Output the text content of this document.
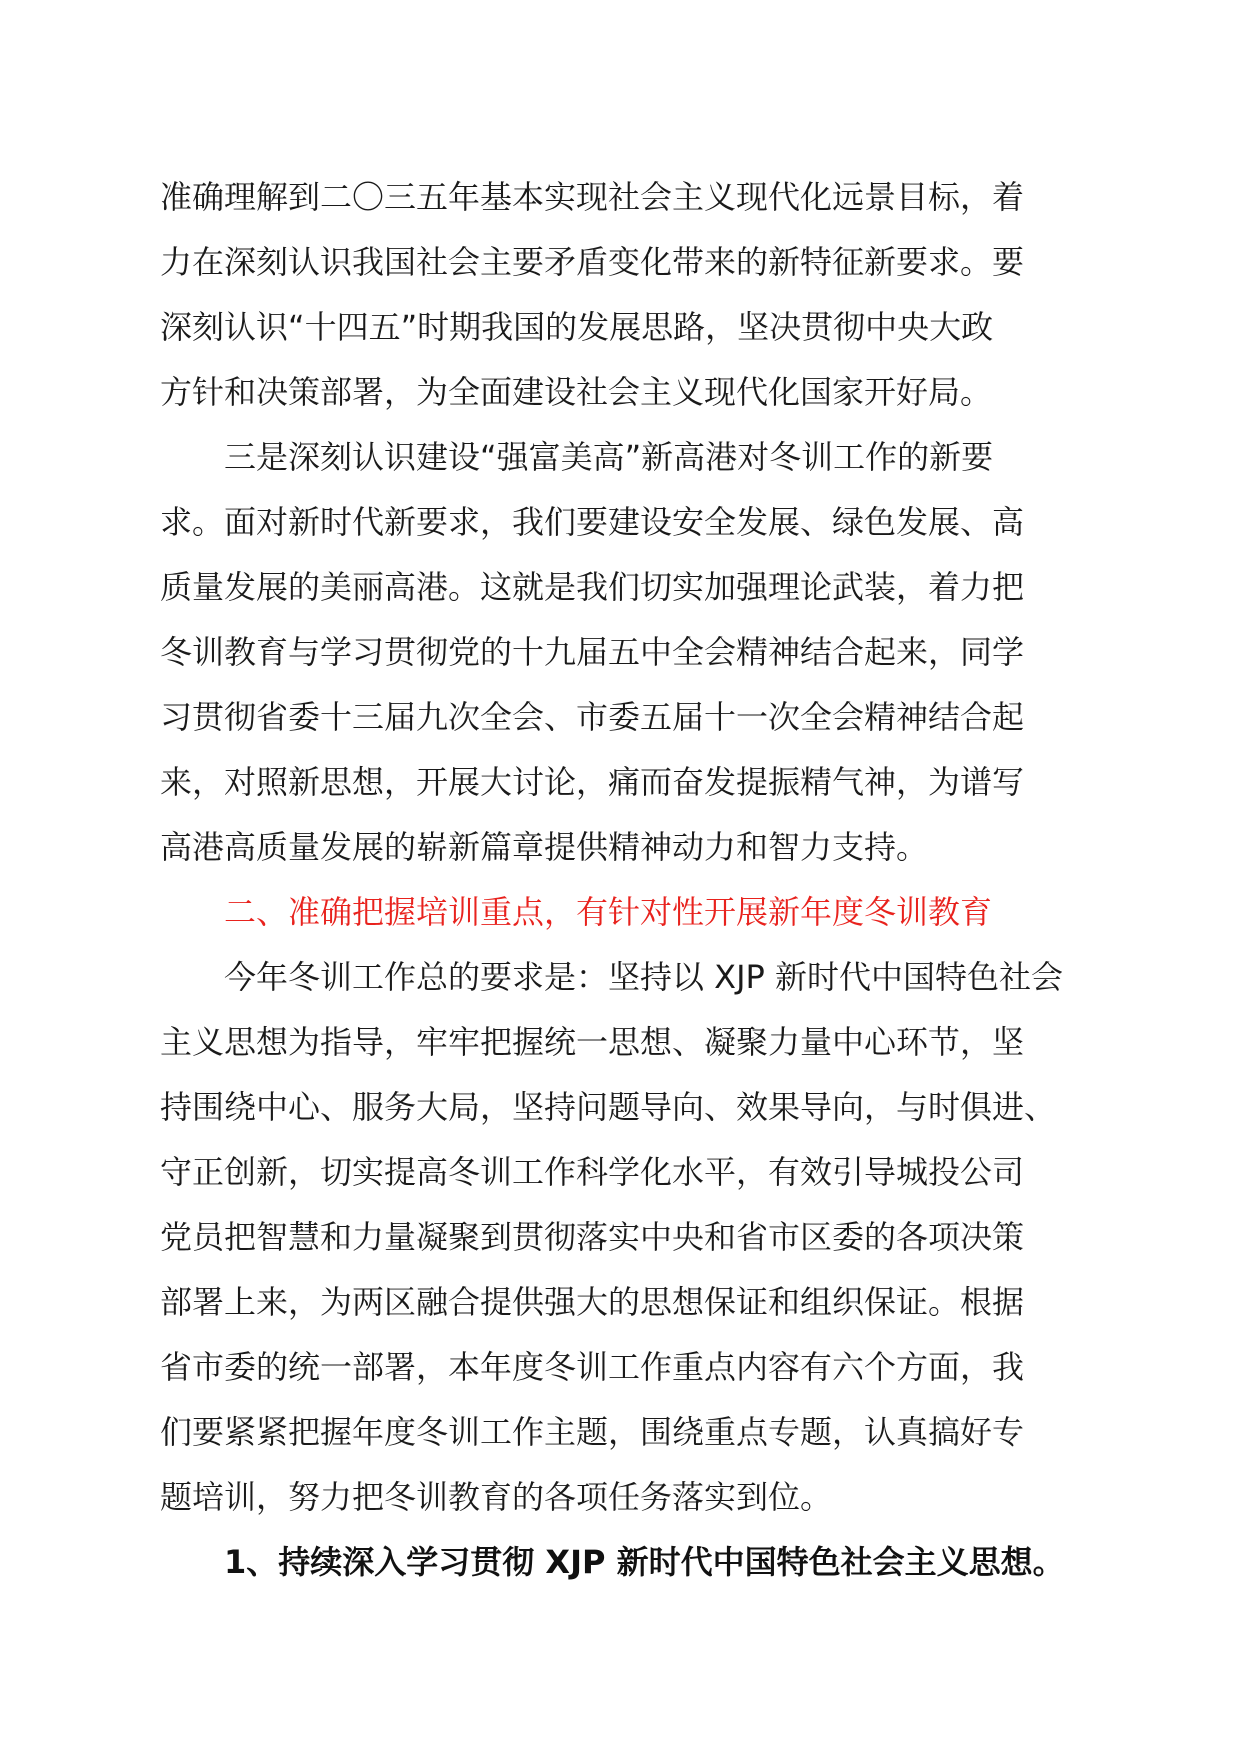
准确理解到二〇三五年基本实现社会主义现代化远景目标，着
力在深刻认识我国社会主要矛盾变化带来的新特征新要求。要
深刻认识“十四五”时期我国的发展思路，坚决贯彻中央大政
方针和决策部署，为全面建设社会主义现代化国家开好局。
三是深刻认识建设“强富美高”新高港对冬训工作的新要
求。面对新时代新要求，我们要建设安全发展、绿色发展、高
质量发展的美丽高港。这就是我们切实加强理论武装，着力把
冬训教育与学习贯彻党的十九届五中全会精神结合起来，同学
习贯彻省委十三届九次全会、市委五届十一次全会精神结合起
来，对照新思想，开展大讨论，痛而奋发提振精气神，为谱写
高港高质量发展的崭新篇章提供精神动力和智力支持。
二、准确把握培训重点，有针对性开展新年度冬训教育
今年冬训工作总的要求是：坚持以 XJP 新时代中国特色社会
主义思想为指导，牢牢把握统一思想、凝聚力量中心环节，坚
持围绕中心、服务大局，坚持问题导向、效果导向，与时俱进、
守正创新，切实提高冬训工作科学化水平，有效引导城投公司
党员把智慧和力量凝聚到贯彻落实中央和省市区委的各项决策
部署上来，为两区融合提供强大的思想保证和组织保证。根据
省市委的统一部署，本年度冬训工作重点内容有六个方面，我
们要紧紧把握年度冬训工作主题，围绕重点专题，认真搞好专
题培训，努力把冬训教育的各项任务落实到位。
1、持续深入学习贯彻 XJP 新时代中国特色社会主义思想。
